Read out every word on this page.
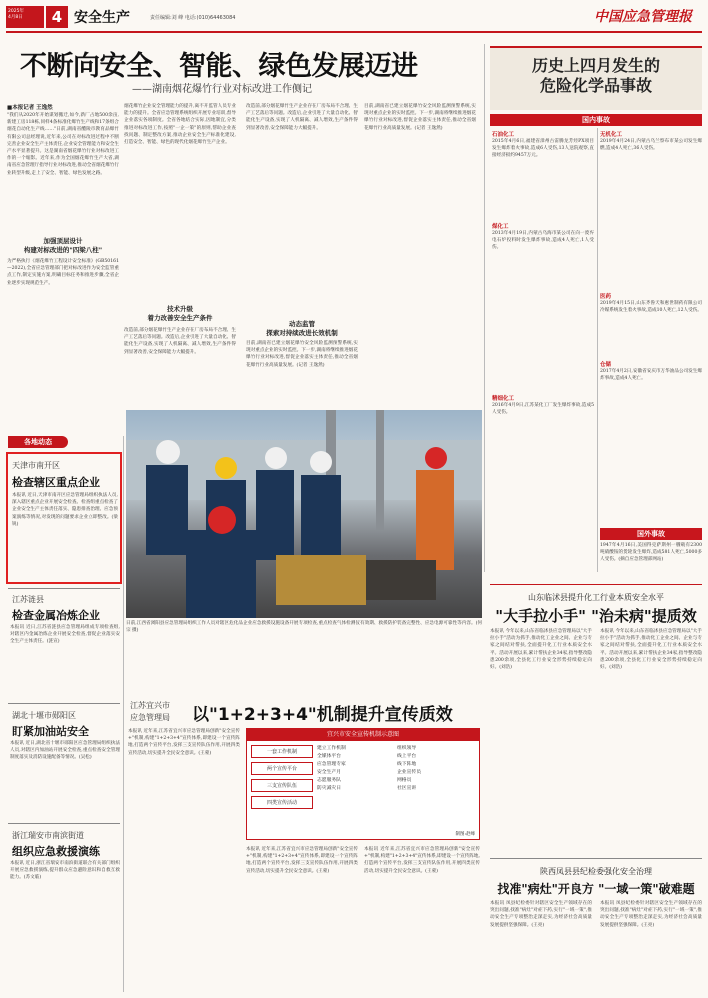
2025年
4月8日	4 安全生产	责任编辑:刘 峰 电话:(010)64463084	中国应急管理报
不断向安全、智能、绿色发展迈进
——湖南烟花爆竹行业对标改进工作侧记
■本报记者 王逸然
"我们从2020年开始谋划搬迁,如今,新厂占地500余亩,新建工房118栋,同样4条标准化爆竹生产线和17条组合烟花自动化生产线……"日前,湖南省醴陵市教育品爆竹有限公司总经理说,近年来,公司在对标改进过程中不断完善企业安全生产主体责任,企业安全管理能力和安全生产水平显著提升。这是湖南省烟花爆竹行业对标改进工作的一个缩影。近年来,作为全国烟花爆竹生产大省,湖南省应急管理厅指导行业对标改进,推动全省烟花爆竹行业转型升级,走上了安全、智能、绿色发展之路。
加强顶层设计
构建对标改进的"四梁八柱"
为严格执行《烟花爆竹工程设计安全标准》(GB50161—2022),全省应急管理部门把对标改进作为安全监管重点工作,制定实施方案,明确目标任务和推进步骤,全省企业逐步实现规范生产。
烟花爆竹企业安全管理能力的提升,离不开监管人员专业能力的提升。全省应急管理系统组织开展专业培训,督导企业落实各项制度。全省各地结合实际,因地制宜,分类推进对标改进工作,按照"一企一策"的原则,帮助企业查找问题、制定整改方案,推动企业安全生产标准化建设,打造安全、智能、绿色的现代化烟花爆竹生产企业。
技术升级
着力改善安全生产条件
改造前,部分烟花爆竹生产企业存在厂房布局不合理、生产工艺落后等问题。改造后,企业引进了大量自动化、智能化生产设备,实现了人机隔离、减人增效,生产条件得到显著改善,安全保障能力大幅提升。
改造前,部分烟花爆竹生产企业存在厂房布局不合理、生产工艺落后等问题。改造后,企业引进了大量自动化、智能化生产设备,实现了人机隔离、减人增效,生产条件得到显著改善,安全保障能力大幅提升。
动态监管
探索对持续改进长效机制
目前,湖南省已建立烟花爆竹安全风险监测预警系统,实现对重点企业的实时监控。下一步,湖南将继续推进烟花爆竹行业对标改进,督促企业落实主体责任,推动全省烟花爆竹行业高质量发展。(记者 王逸然)
目前,湖南省已建立烟花爆竹安全风险监测预警系统,实现对重点企业的实时监控。下一步,湖南将继续推进烟花爆竹行业对标改进,督促企业落实主体责任,推动全省烟花爆竹行业高质量发展。(记者 王逸然)
日前,江西省浏阳县应急管理局组织工作人员对辖区危化品企业应急救援设施设备开展专项检查,重点检查气体检测仪有效期、救援防护装备完整性、应急电源可靠性等内容。(何宗 摄)
各地动态
天津市南开区
检查辖区重点企业
本报讯 近日,天津市南开区应急管理局组织执法人员,深入辖区重点企业开展安全检查。检查组重点检查了企业安全生产主体责任落实、隐患排查治理、应急预案演练等情况,对发现的问题要求企业立即整改。(梁锐)
江苏涟县
检查金属冶炼企业
本报讯 近日,江苏省涟县应急管理局组成专项检查组,对辖区内金属冶炼企业开展安全检查,督促企业落实安全生产主体责任。(涟宣)
湖北十堰市郧阳区
盯紧加油站安全
本报讯 近日,湖北省十堰市郧阳区应急管理局组织执法人员,对辖区内加油站开展安全检查,重点检查安全管理制度落实及消防设施配备等情况。(吴松)
浙江瑞安市南滨街道
组织应急救援演练
本报讯 近日,浙江省瑞安市南滨街道联合有关部门组织开展应急救援演练,提升群众应急避险意识和自救互救能力。(苏文临)
江苏宜兴市
应急管理局 以"1+2+3+4"机制提升宣传质效
本报讯 近年来,江苏省宜兴市应急管理局创新"安全宣传+"机制,构建"1+2+3+4"宣传体系,即建设一个宣传阵地,打造两个宣传平台,发挥三支宣传队伍作用,开展四类宣传活动,切实提升全民安全意识。(王蒙)
本报讯 近年来,江苏省宜兴市应急管理局创新"安全宣传+"机制,构建"1+2+3+4"宣传体系,即建设一个宣传阵地,打造两个宣传平台,发挥三支宣传队伍作用,开展四类宣传活动,切实提升全民安全意识。(王蒙)
本报讯 近年来,江苏省宜兴市应急管理局创新"安全宣传+"机制,构建"1+2+3+4"宣传体系,即建设一个宣传阵地,打造两个宣传平台,发挥三支宣传队伍作用,开展四类宣传活动,切实提升全民安全意识。(王蒙)
宜兴市安全宣传机制示意图
一套工作机制
两个宣传平台
三支宣传队伍
四类宣传活动
建立工作机制
全媒体平台
应急管理专家
安全生产月
志愿服务队
防灾减灾日
组织领导
线上平台
线下阵地
企业宣传员
网格员
社区宣讲
制图:赵峰
历史上四月发生的
危险化学品事故
国内事故
石油化工
2015年4月6日,福建省漳州古雷腾龙芳烃PX项目发生爆炸着火事故,造成6人受伤,13人送院观察,直接经济损约9457万元。
煤化工
2013年4月19日,内蒙古乌海市某公司在向一废弃电石炉投料时发生爆炸事故,造成4人死亡,1人受伤。
精细化工
2016年4月9日,江苏某化工厂发生爆炸事故,造成5人受伤。
无机化工
2019年4月24日,内蒙古乌兰察布市某公司发生爆燃,造成4人死亡,36人受伤。
医药
2019年4月15日,山东齐鲁天和惠世制药有限公司冷媒系统发生着火事故,造成10人死亡,12人受伤。
仓储
2017年4月2日,安徽省安庆市万华油品公司发生爆炸事故,造成4人死亡。
国外事故
1947年4月16日,美国得克萨斯州一艘载有2300吨硝酸铵的货轮发生爆炸,造成581人死亡,5000多人受伤。(摘自应急管理部网站)
山东临沭县提升化工行业本质安全水平
"大手拉小手" "治未病"提质效
本报讯 今年以来,山东省临沭县应急管理局以"大手拉小手"活动为抓手,推动化工企业之间、企业与专家之间结对帮扶,全面提升化工行业本质安全水平。活动开展以来,累计帮扶企业34家,指导整改隐患200余项,全县化工行业安全形势持续稳定向好。(刘浩)
本报讯 今年以来,山东省临沭县应急管理局以"大手拉小手"活动为抓手,推动化工企业之间、企业与专家之间结对帮扶,全面提升化工行业本质安全水平。活动开展以来,累计帮扶企业34家,指导整改隐患200余项,全县化工行业安全形势持续稳定向好。(刘浩)
陕西凤县县纪检委强化安全治理
找准"病灶"开良方 "一域一策"破难题
本报讯 凤县纪检委针对辖区安全生产领域存在的突出问题,找准"病灶"对症下药,实行"一域一策",推动安全生产专项整治走深走实,为经济社会高质量发展提供坚强保障。(王亮)
本报讯 凤县纪检委针对辖区安全生产领域存在的突出问题,找准"病灶"对症下药,实行"一域一策",推动安全生产专项整治走深走实,为经济社会高质量发展提供坚强保障。(王亮)
